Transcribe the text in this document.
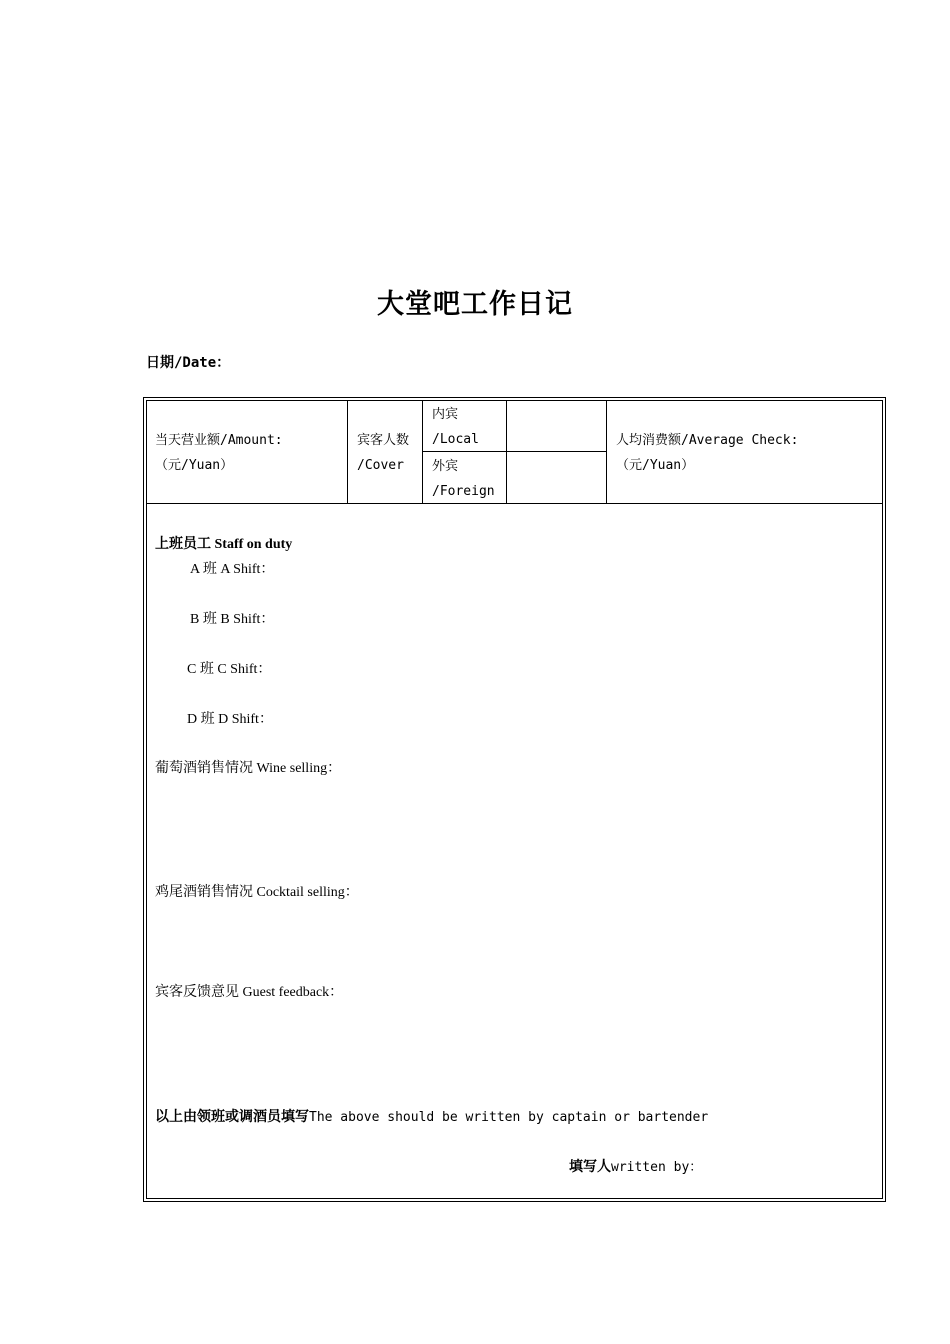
大堂吧工作日记
日期/Date：
当天营业额/Amount:
（元/Yuan）
宾客人数
/Cover
内宾
/Local
外宾
/Foreign
人均消费额/Average Check:
（元/Yuan）
上班员工 Staff on duty
A 班 A Shift：
B 班 B Shift：
C 班 C Shift：
D 班 D Shift：
葡萄酒销售情况 Wine selling：
鸡尾酒销售情况 Cocktail selling：
宾客反馈意见 Guest feedback：
以上由领班或调酒员填写The above should be written by captain or bartender
填写人written by：
